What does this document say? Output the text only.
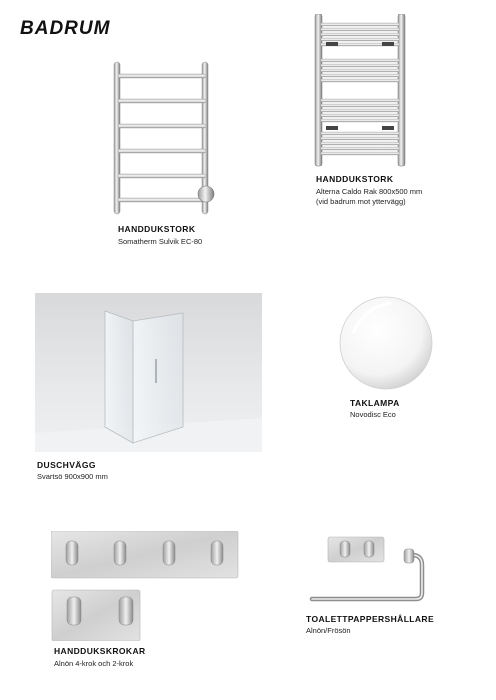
BADRUM
HANDDUKSTORK
Somatherm Sulvik EC-80
HANDDUKSTORK
Alterna Caldo Rak 800x500 mm (vid badrum mot yttervägg)
DUSCHVÄGG
Svartsö 900x900 mm
TAKLAMPA
Novodisc Eco
HANDDUKSKROKAR
Alnön 4-krok och 2-krok
TOALETTPAPPERSHÅLLARE
Alnön/Frösön
